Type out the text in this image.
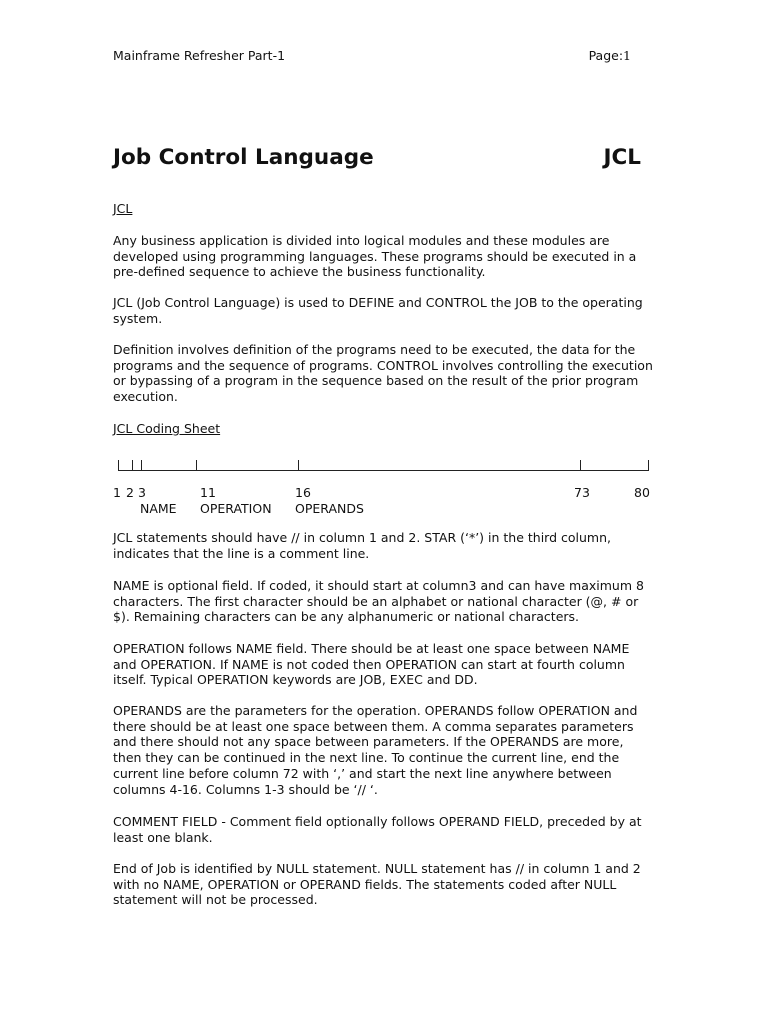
Mainframe Refresher Part-1	Page:1
Job Control Language	JCL
JCL

Any business application is divided into logical modules and these modules are developed using programming languages. These programs should be executed in a pre-defined sequence to achieve the business functionality.

JCL (Job Control Language) is used to DEFINE and CONTROL the JOB to the operating system.

Definition involves definition of the programs need to be executed, the data for the programs and the sequence of programs. CONTROL involves controlling the execution or bypassing of a program in the sequence based on the result of the prior program execution.

JCL Coding Sheet
1 2 3	11	16	73	80
NAME OPERATION OPERANDS

JCL statements should have // in column 1 and 2. STAR (‘*’) in the third column, indicates that the line is a comment line.

NAME is optional field. If coded, it should start at column3 and can have maximum 8 characters. The first character should be an alphabet or national character (@, # or $). Remaining characters can be any alphanumeric or national characters.

OPERATION follows NAME field. There should be at least one space between NAME and OPERATION. If NAME is not coded then OPERATION can start at fourth column itself. Typical OPERATION keywords are JOB, EXEC and DD.

OPERANDS are the parameters for the operation. OPERANDS follow OPERATION and there should be at least one space between them. A comma separates parameters and there should not any space between parameters. If the OPERANDS are more, then they can be continued in the next line. To continue the current line, end the current line before column 72 with ‘,’ and start the next line anywhere between columns 4-16. Columns 1-3 should be ‘// ‘.

COMMENT FIELD - Comment field optionally follows OPERAND FIELD, preceded by at least one blank.

End of Job is identified by NULL statement. NULL statement has // in column 1 and 2 with no NAME, OPERATION or OPERAND fields. The statements coded after NULL statement will not be processed.
